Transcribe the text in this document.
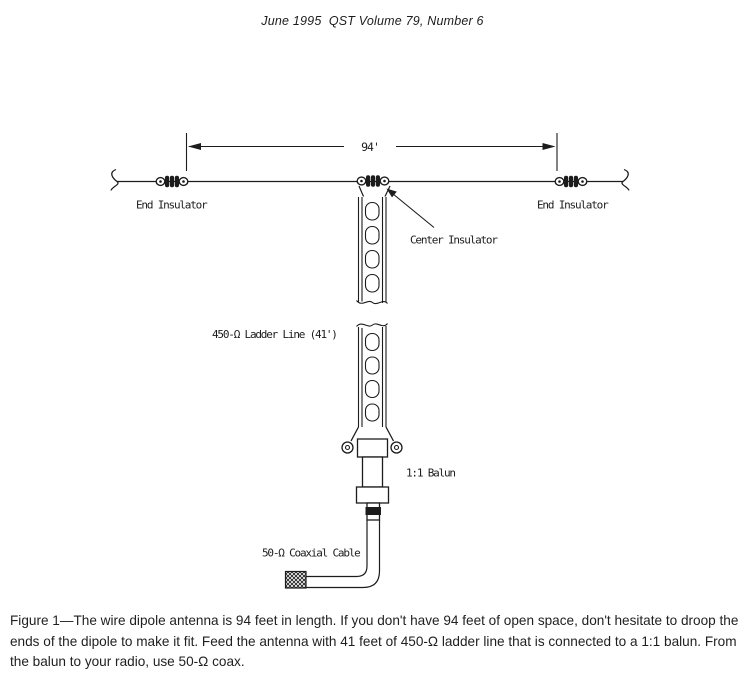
June 1995  QST Volume 79, Number 6
94'
End Insulator	End Insulator
Center Insulator
450-Ω Ladder Line (41')
1:1 Balun
50-Ω Coaxial Cable
Figure 1—The wire dipole antenna is 94 feet in length. If you don't have 94 feet of open space, don't hesitate to droop the
ends of the dipole to make it fit. Feed the antenna with 41 feet of 450-Ω ladder line that is connected to a 1:1 balun. From
the balun to your radio, use 50-Ω coax.
